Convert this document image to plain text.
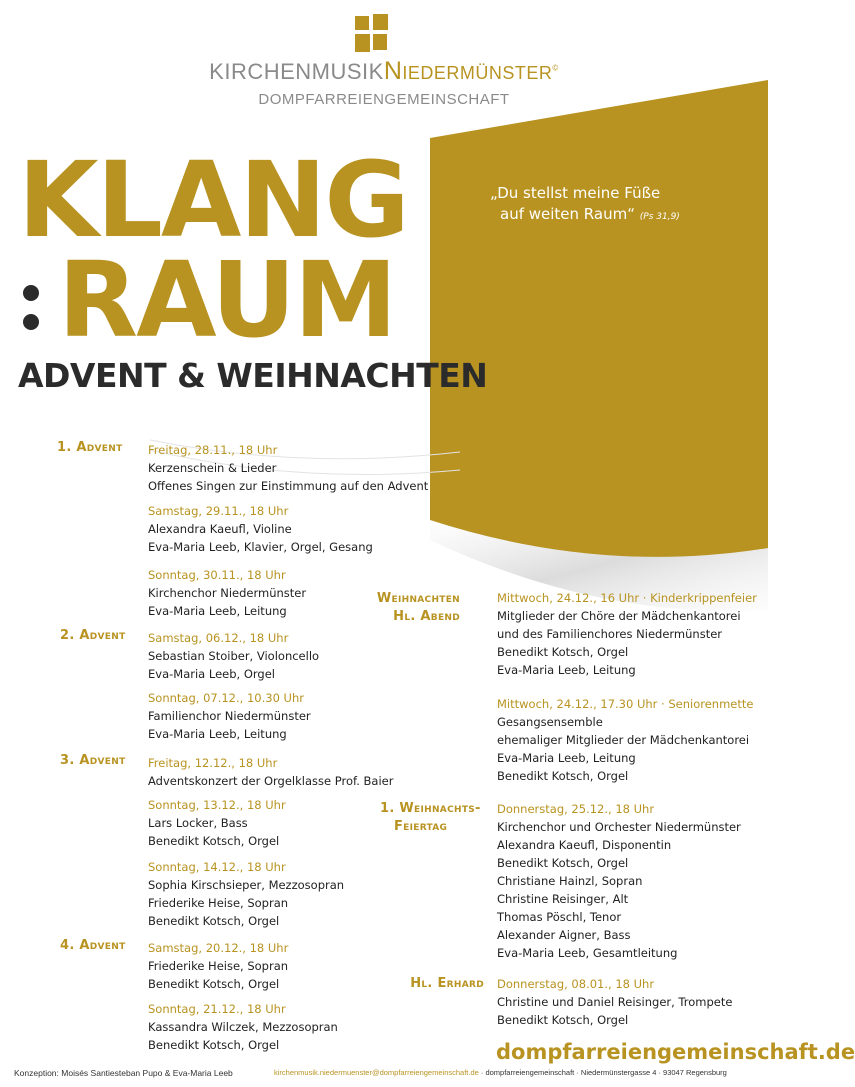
KIRCHENMUSIKNiedermünster©
DOMPFARREIENGEMEINSCHAFT
„Du stellst meine Füße
auf weiten Raum“ (Ps 31,9)
KLANG
RAUM
ADVENT & WEIHNACHTEN
1. Advent Freitag, 28.11., 18 Uhr
Kerzenschein & Lieder
Offenes Singen zur Einstimmung auf den Advent
Samstag, 29.11., 18 Uhr
Alexandra Kaeufl, Violine
Eva-Maria Leeb, Klavier, Orgel, Gesang
Sonntag, 30.11., 18 Uhr
Kirchenchor Niedermünster
Eva-Maria Leeb, Leitung
2. Advent Samstag, 06.12., 18 Uhr
Sebastian Stoiber, Violoncello
Eva-Maria Leeb, Orgel
Sonntag, 07.12., 10.30 Uhr
Familienchor Niedermünster
Eva-Maria Leeb, Leitung
3. Advent Freitag, 12.12., 18 Uhr
Adventskonzert der Orgelklasse Prof. Baier
Sonntag, 13.12., 18 Uhr
Lars Locker, Bass
Benedikt Kotsch, Orgel
Sonntag, 14.12., 18 Uhr
Sophia Kirschsieper, Mezzosopran
Friederike Heise, Sopran
Benedikt Kotsch, Orgel
4. Advent Samstag, 20.12., 18 Uhr
Friederike Heise, Sopran
Benedikt Kotsch, Orgel
Sonntag, 21.12., 18 Uhr
Kassandra Wilczek, Mezzosopran
Benedikt Kotsch, Orgel
Weihnachten
Hl. Abend
Mittwoch, 24.12., 16 Uhr · Kinderkrippenfeier
Mitglieder der Chöre der Mädchenkantorei
und des Familienchores Niedermünster
Benedikt Kotsch, Orgel
Eva-Maria Leeb, Leitung
Mittwoch, 24.12., 17.30 Uhr · Seniorenmette
Gesangsensemble
ehemaliger Mitglieder der Mädchenkantorei
Eva-Maria Leeb, Leitung
Benedikt Kotsch, Orgel
1. Weihnachts-
Feiertag
Donnerstag, 25.12., 18 Uhr
Kirchenchor und Orchester Niedermünster
Alexandra Kaeufl, Disponentin
Benedikt Kotsch, Orgel
Christiane Hainzl, Sopran
Christine Reisinger, Alt
Thomas Pöschl, Tenor
Alexander Aigner, Bass
Eva-Maria Leeb, Gesamtleitung
Hl. Erhard Donnerstag, 08.01., 18 Uhr
Christine und Daniel Reisinger, Trompete
Benedikt Kotsch, Orgel
dompfarreiengemeinschaft.de
Konzeption: Moisés Santiesteban Pupo & Eva-Maria Leeb	kirchenmusik.niedermuenster@dompfarreiengemeinschaft.de · dompfarreiengemeinschaft · Niedermünstergasse 4 · 93047 Regensburg
